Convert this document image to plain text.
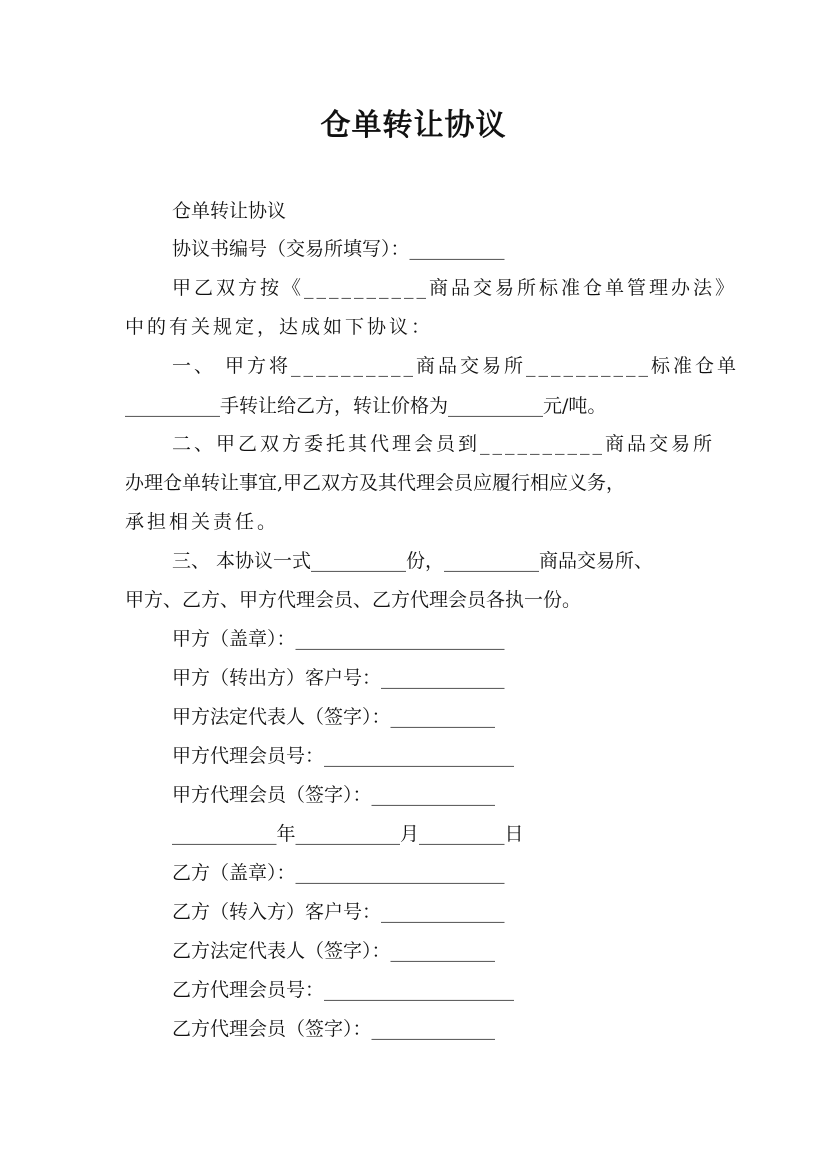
仓单转让协议

仓单转让协议

协议书编号（交易所填写）：__________

甲乙双方按《__________商品交易所标准仓单管理办法》

中的有关规定，达成如下协议：

一、 甲方将__________商品交易所__________标准仓单

__________手转让给乙方，转让价格为__________元/吨。

二、甲乙双方委托其代理会员到__________商品交易所

办理仓单转让事宜,甲乙双方及其代理会员应履行相应义务，

承担相关责任。

三、 本协议一式__________份，__________商品交易所、

甲方、乙方、甲方代理会员、乙方代理会员各执一份。

甲方（盖章）：______________________

甲方（转出方）客户号：_____________

甲方法定代表人（签字）：___________

甲方代理会员号：____________________

甲方代理会员（签字）：_____________

___________年___________月_________日

乙方（盖章）：______________________

乙方（转入方）客户号：_____________

乙方法定代表人（签字）：___________

乙方代理会员号：____________________

乙方代理会员（签字）：_____________
